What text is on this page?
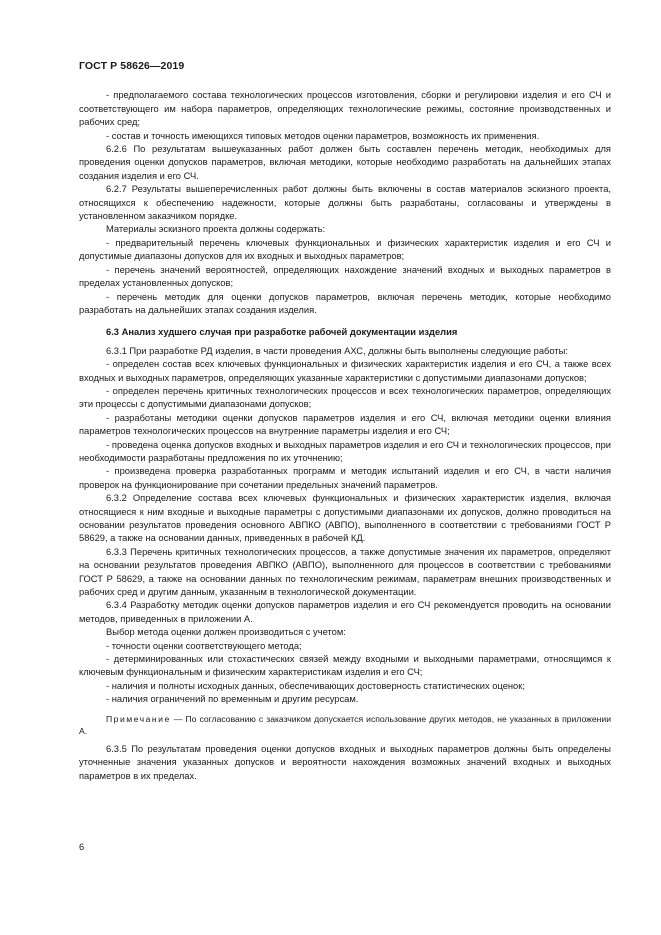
ГОСТ Р 58626—2019

- предполагаемого состава технологических процессов изготовления, сборки и регулировки изделия и его СЧ и соответствующего им набора параметров, определяющих технологические режимы, состояние производственных и рабочих сред;

- состав и точность имеющихся типовых методов оценки параметров, возможность их применения.

6.2.6 По результатам вышеуказанных работ должен быть составлен перечень методик, необходимых для проведения оценки допусков параметров, включая методики, которые необходимо разработать на дальнейших этапах создания изделия и его СЧ.

6.2.7 Результаты вышеперечисленных работ должны быть включены в состав материалов эскизного проекта, относящихся к обеспечению надежности, которые должны быть разработаны, согласованы и утверждены в установленном заказчиком порядке.

Материалы эскизного проекта должны содержать:

- предварительный перечень ключевых функциональных и физических характеристик изделия и его СЧ и допустимые диапазоны допусков для их входных и выходных параметров;

- перечень значений вероятностей, определяющих нахождение значений входных и выходных параметров в пределах установленных допусков;

- перечень методик для оценки допусков параметров, включая перечень методик, которые необходимо разработать на дальнейших этапах создания изделия.

6.3 Анализ худшего случая при разработке рабочей документации изделия

6.3.1 При разработке РД изделия, в части проведения АХС, должны быть выполнены следующие работы:

- определен состав всех ключевых функциональных и физических характеристик изделия и его СЧ, а также всех входных и выходных параметров, определяющих указанные характеристики с допустимыми диапазонами допусков;

- определен перечень критичных технологических процессов и всех технологических параметров, определяющих эти процессы с допустимыми диапазонами допусков;

- разработаны методики оценки допусков параметров изделия и его СЧ, включая методики оценки влияния параметров технологических процессов на внутренние параметры изделия и его СЧ;

- проведена оценка допусков входных и выходных параметров изделия и его СЧ и технологических процессов, при необходимости разработаны предложения по их уточнению;

- произведена проверка разработанных программ и методик испытаний изделия и его СЧ, в части наличия проверок на функционирование при сочетании предельных значений параметров.

6.3.2 Определение состава всех ключевых функциональных и физических характеристик изделия, включая относящиеся к ним входные и выходные параметры с допустимыми диапазонами их допусков, должно проводиться на основании результатов проведения основного АВПКО (АВПО), выполненного в соответствии с требованиями ГОСТ Р 58629, а также на основании данных, приведенных в рабочей КД.

6.3.3 Перечень критичных технологических процессов, а также допустимые значения их параметров, определяют на основании результатов проведения АВПКО (АВПО), выполненного для процессов в соответствии с требованиями ГОСТ Р 58629, а также на основании данных по технологическим режимам, параметрам внешних производственных и рабочих сред и другим данным, указанным в технологической документации.

6.3.4 Разработку методик оценки допусков параметров изделия и его СЧ рекомендуется проводить на основании методов, приведенных в приложении А.

Выбор метода оценки должен производиться с учетом:

- точности оценки соответствующего метода;

- детерминированных или стохастических связей между входными и выходными параметрами, относящимся к ключевым функциональным и физическим характеристикам изделия и его СЧ;

- наличия и полноты исходных данных, обеспечивающих достоверность статистических оценок;

- наличия ограничений по временным и другим ресурсам.

Примечание — По согласованию с заказчиком допускается использование других методов, не указанных в приложении А.

6.3.5 По результатам проведения оценки допусков входных и выходных параметров должны быть определены уточненные значения указанных допусков и вероятности нахождения возможных значений входных и выходных параметров в их пределах.

6
